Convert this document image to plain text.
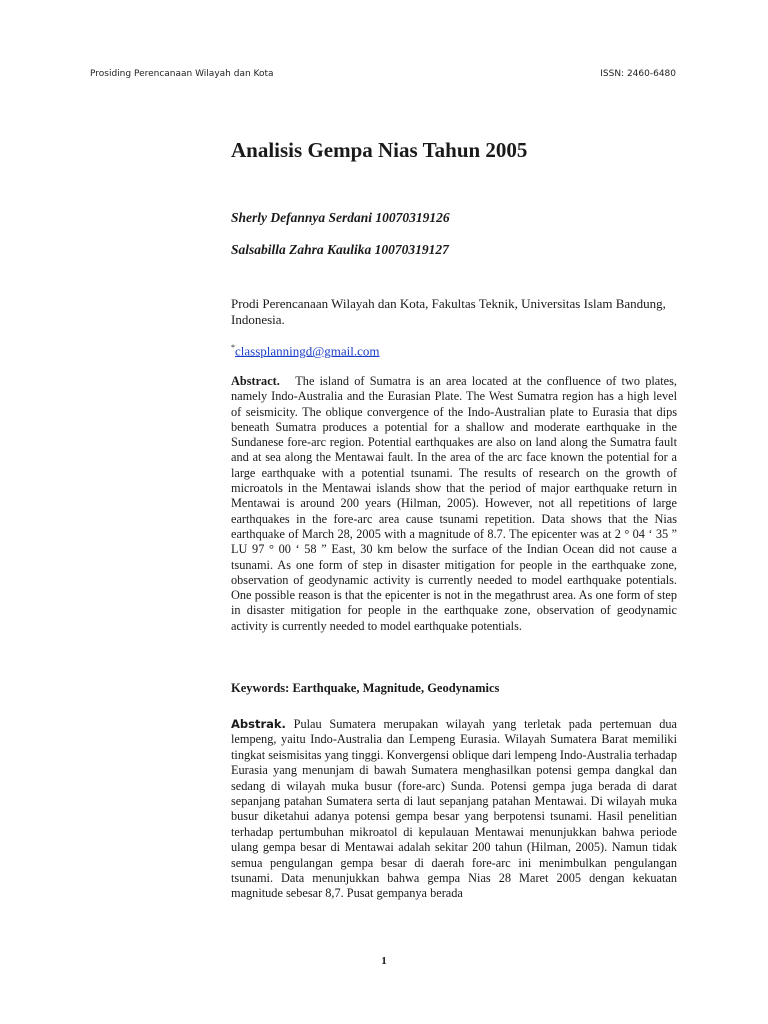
Prosiding Perencanaan Wilayah dan Kota	ISSN: 2460-6480
Analisis Gempa Nias Tahun 2005
Sherly Defannya Serdani 10070319126
Salsabilla Zahra Kaulika 10070319127
Prodi Perencanaan Wilayah dan Kota, Fakultas Teknik, Universitas Islam Bandung, Indonesia.
*classplanningd@gmail.com
Abstract. The island of Sumatra is an area located at the confluence of two plates, namely Indo-Australia and the Eurasian Plate. The West Sumatra region has a high level of seismicity. The oblique convergence of the Indo-Australian plate to Eurasia that dips beneath Sumatra produces a potential for a shallow and moderate earthquake in the Sundanese fore-arc region. Potential earthquakes are also on land along the Sumatra fault and at sea along the Mentawai fault. In the area of the arc face known the potential for a large earthquake with a potential tsunami. The results of research on the growth of microatols in the Mentawai islands show that the period of major earthquake return in Mentawai is around 200 years (Hilman, 2005). However, not all repetitions of large earthquakes in the fore-arc area cause tsunami repetition. Data shows that the Nias earthquake of March 28, 2005 with a magnitude of 8.7. The epicenter was at 2 ° 04 ‘ 35 ” LU 97 ° 00 ‘ 58 ” East, 30 km below the surface of the Indian Ocean did not cause a tsunami. As one form of step in disaster mitigation for people in the earthquake zone, observation of geodynamic activity is currently needed to model earthquake potentials. One possible reason is that the epicenter is not in the megathrust area. As one form of step in disaster mitigation for people in the earthquake zone, observation of geodynamic activity is currently needed to model earthquake potentials.
Keywords: Earthquake, Magnitude, Geodynamics
Abstrak. Pulau Sumatera merupakan wilayah yang terletak pada pertemuan dua lempeng, yaitu Indo-Australia dan Lempeng Eurasia. Wilayah Sumatera Barat memiliki tingkat seismisitas yang tinggi. Konvergensi oblique dari lempeng Indo-Australia terhadap Eurasia yang menunjam di bawah Sumatera menghasilkan potensi gempa dangkal dan sedang di wilayah muka busur (fore-arc) Sunda. Potensi gempa juga berada di darat sepanjang patahan Sumatera serta di laut sepanjang patahan Mentawai. Di wilayah muka busur diketahui adanya potensi gempa besar yang berpotensi tsunami. Hasil penelitian terhadap pertumbuhan mikroatol di kepulauan Mentawai menunjukkan bahwa periode ulang gempa besar di Mentawai adalah sekitar 200 tahun (Hilman, 2005). Namun tidak semua pengulangan gempa besar di daerah fore-arc ini menimbulkan pengulangan tsunami. Data menunjukkan bahwa gempa Nias 28 Maret 2005 dengan kekuatan magnitude sebesar 8,7. Pusat gempanya berada
1
